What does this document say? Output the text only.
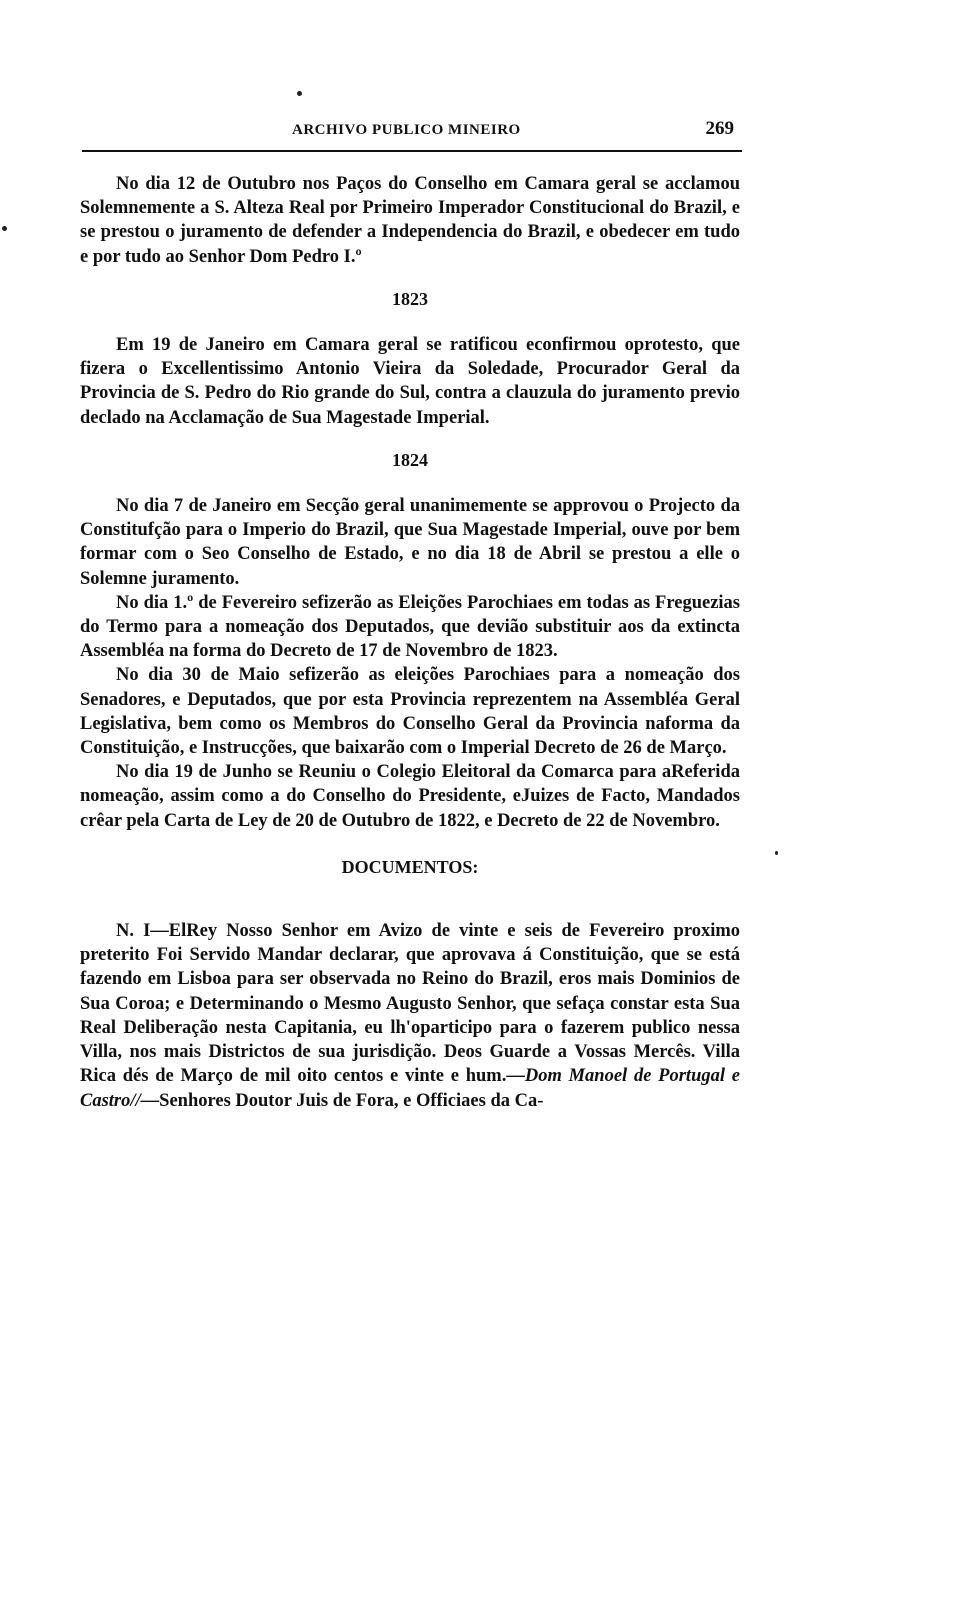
ARCHIVO PUBLICO MINEIRO	269

No dia 12 de Outubro nos Paços do Conselho em Camara geral se acclamou Solemnemente a S. Alteza Real por Primeiro Imperador Constitucional do Brazil, e se prestou o juramento de defender a Independencia do Brazil, e obedecer em tudo e por tudo ao Senhor Dom Pedro I.º

1823

Em 19 de Janeiro em Camara geral se ratificou econfirmou oprotesto, que fizera o Excellentissimo Antonio Vieira da Soledade, Procurador Geral da Provincia de S. Pedro do Rio grande do Sul, contra a clauzula do juramento previo declado na Acclamação de Sua Magestade Imperial.

1824

No dia 7 de Janeiro em Secção geral unanimemente se approvou o Projecto da Constitufção para o Imperio do Brazil, que Sua Magestade Imperial, ouve por bem formar com o Seo Conselho de Estado, e no dia 18 de Abril se prestou a elle o Solemne juramento.

No dia 1.º de Fevereiro sefizerão as Eleições Parochiaes em todas as Freguezias do Termo para a nomeação dos Deputados, que devião substituir aos da extincta Assembléa na forma do Decreto de 17 de Novembro de 1823.

No dia 30 de Maio sefizerão as eleições Parochiaes para a nomeação dos Senadores, e Deputados, que por esta Provincia reprezentem na Assembléa Geral Legislativa, bem como os Membros do Conselho Geral da Provincia naforma da Constituição, e Instrucções, que baixarão com o Imperial Decreto de 26 de Março.

No dia 19 de Junho se Reuniu o Colegio Eleitoral da Comarca para aReferida nomeação, assim como a do Conselho do Presidente, eJuizes de Facto, Mandados crêar pela Carta de Ley de 20 de Outubro de 1822, e Decreto de 22 de Novembro.

DOCUMENTOS:

N. I—ElRey Nosso Senhor em Avizo de vinte e seis de Fevereiro proximo preterito Foi Servido Mandar declarar, que aprovava á Constituição, que se está fazendo em Lisboa para ser observada no Reino do Brazil, eros mais Dominios de Sua Coroa; e Determinando o Mesmo Augusto Senhor, que sefaça constar esta Sua Real Deliberação nesta Capitania, eu lh'oparticipo para o fazerem publico nessa Villa, nos mais Districtos de sua jurisdição. Deos Guarde a Vossas Mercês. Villa Rica dés de Março de mil oito centos e vinte e hum.—Dom Manoel de Portugal e Castro//—Senhores Doutor Juis de Fora, e Officiaes da Ca-
